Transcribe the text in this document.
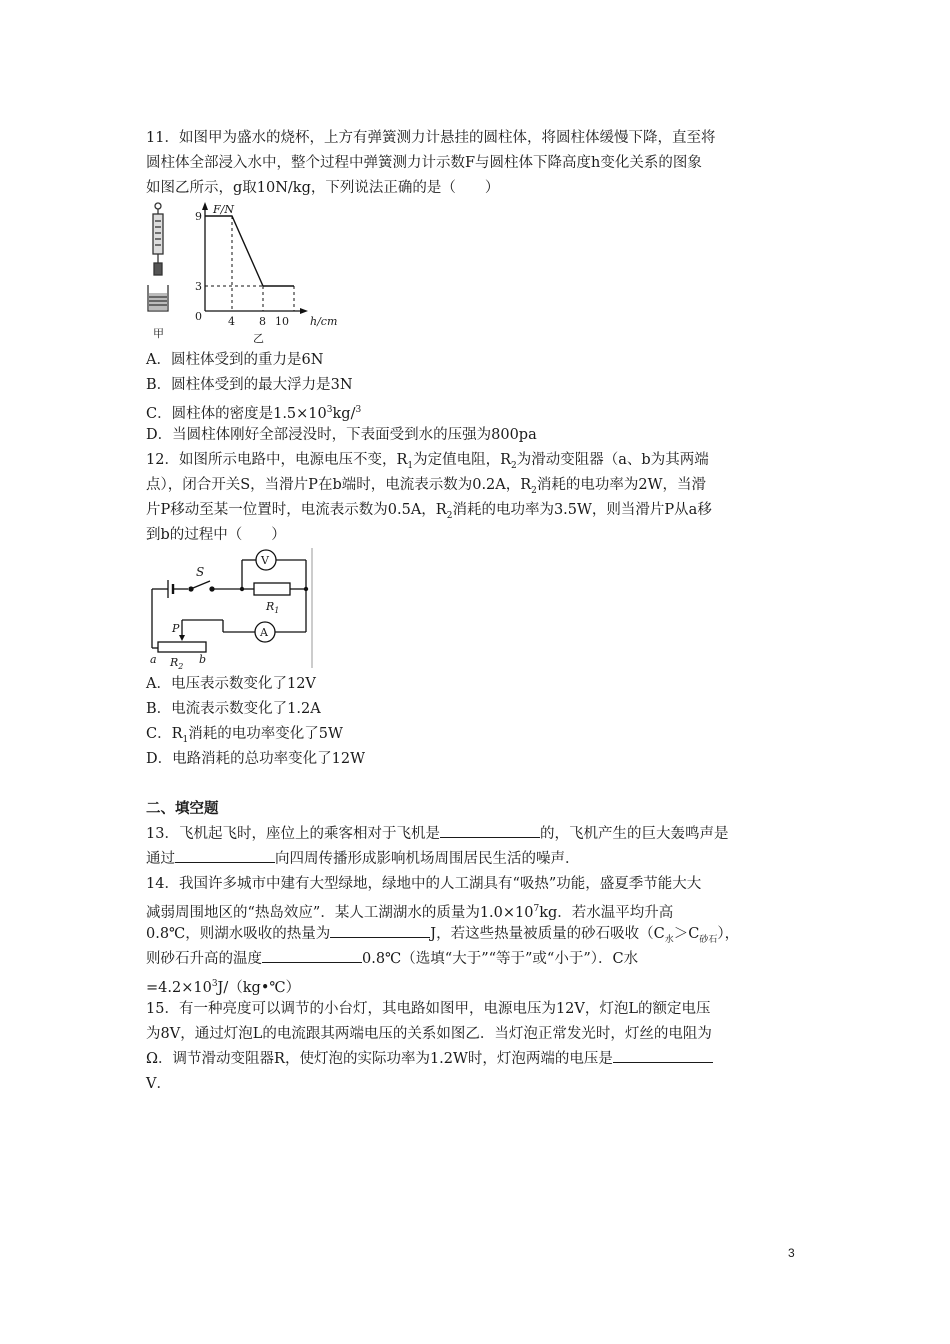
11．如图甲为盛水的烧杯，上方有弹簧测力计悬挂的圆柱体，将圆柱体缓慢下降，直至将
圆柱体全部浸入水中，整个过程中弹簧测力计示数F与圆柱体下降高度h变化关系的图象
如图乙所示，g取10N/kg，下列说法正确的是（　　）
甲
F/N
h/cm
0
9
3
4 8 10
乙
A．圆柱体受到的重力是6N
B．圆柱体受到的最大浮力是3N
C．圆柱体的密度是$1.5\times 10^3kg/^3$
D．当圆柱体刚好全部浸没时，下表面受到水的压强为800pa
12．如图所示电路中，电源电压不变，$R_1$为定值电阻，$R_2$为滑动变阻器（a、b为其两端
点），闭合开关S，当滑片P在b端时，电流表示数为0.2A，$R_2$消耗的电功率为2W，当滑
片P移动至某一位置时，电流表示数为0.5A，$R_2$消耗的电功率为3.5W，则当滑片P从a移
到b的过程中（　　）
S
V
A
$R_1$
P
a $R_2$
b
A．电压表示数变化了12V
B．电流表示数变化了1.2A
C．$R_1$消耗的电功率变化了5W
D．电路消耗的总功率变化了12W
二、填空题
13．飞机起飞时，座位上的乘客相对于飞机是	的，飞机产生的巨大轰鸣声是
通过	向四周传播形成影响机场周围居民生活的噪声．
14．我国许多城市中建有大型绿地，绿地中的人工湖具有“吸热”功能，盛夏季节能大大
减弱周围地区的“热岛效应”．某人工湖湖水的质量为$1.0\times 10^7kg$．若水温平均升高
0.8℃，则湖水吸收的热量为	J，若这些热量被质量的砂石吸收$(C_水>C_{砂石})$，
则砂石升高的温度	0.8℃（选填“大于”“等于”或“小于”）．C水
$=4.2\times 10^3J/(kg•℃)$
15．有一种亮度可以调节的小台灯，其电路如图甲，电源电压为12V，灯泡L的额定电压
为8V，通过灯泡L的电流跟其两端电压的关系如图乙．当灯泡正常发光时，灯丝的电阻为
Ω．调节滑动变阻器R，使灯泡的实际功率为1.2W时，灯泡两端的电压是
V．
3
